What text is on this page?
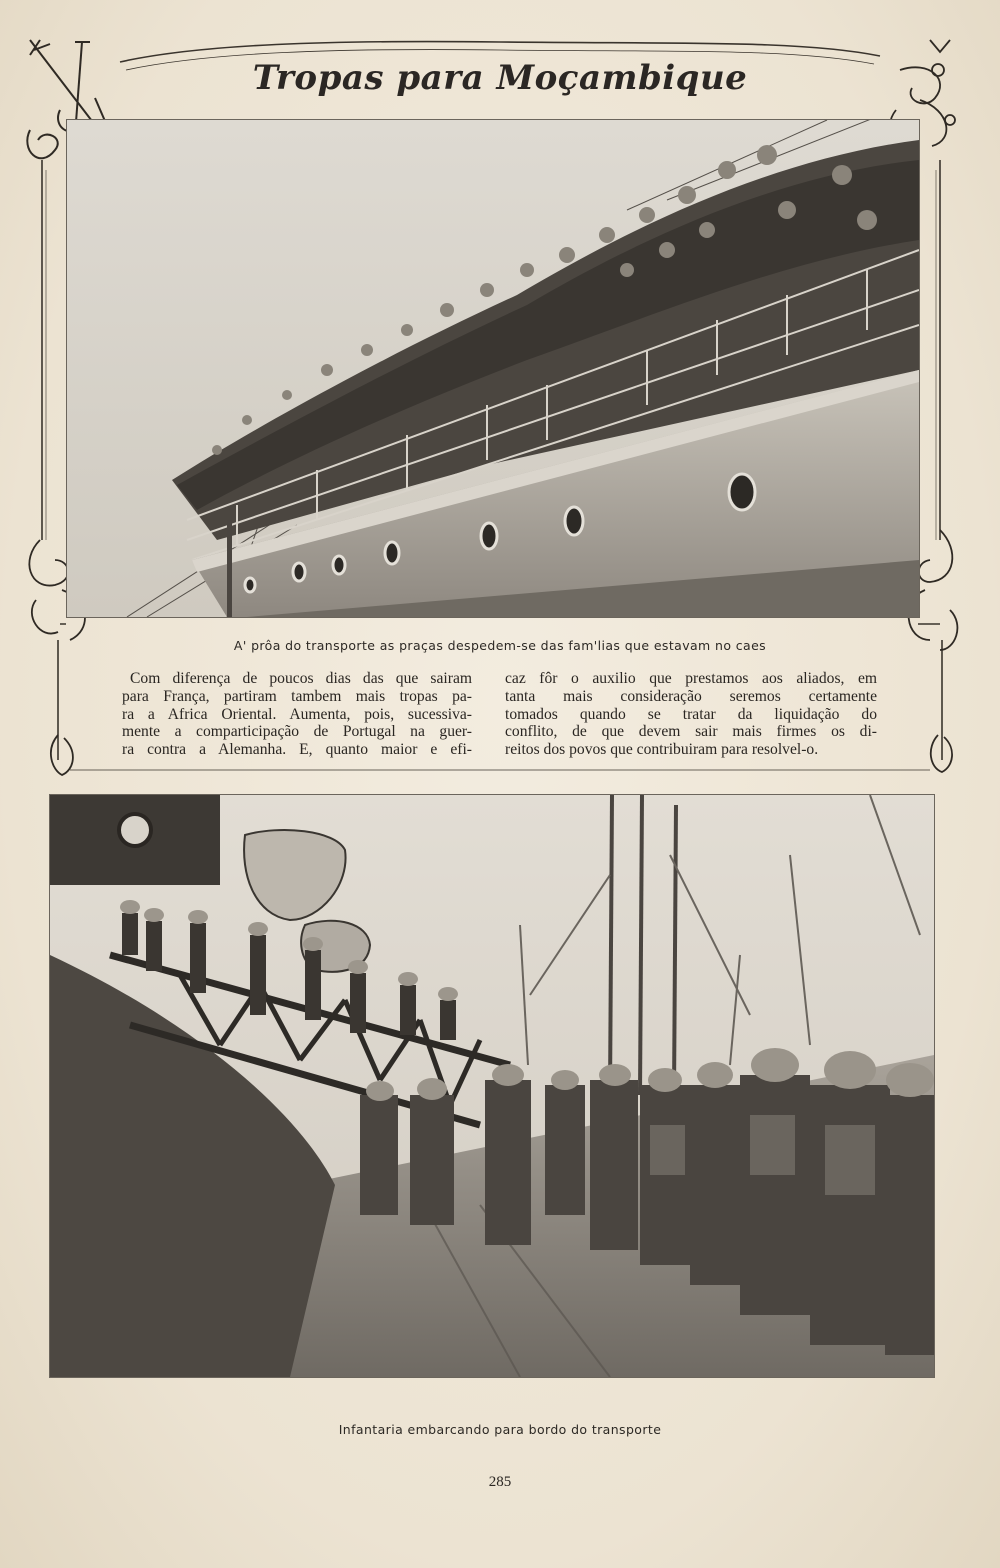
Tropas para Moçambique
A' prôa do transporte as praças despedem-se das fam'lias que estavam no caes
Com diferença de poucos dias das que sairam
para França, partiram tambem mais tropas pa-
ra a Africa Oriental. Aumenta, pois, sucessiva-
mente a comparticipação de Portugal na guer-
ra contra a Alemanha. E, quanto maior e efi-
caz fôr o auxilio que prestamos aos aliados, em
tanta mais consideração seremos certamente
tomados quando se tratar da liquidação do
conflito, de que devem sair mais firmes os di-
reitos dos povos que contribuiram para resolvel-o.
Infantaria embarcando para bordo do transporte
285
